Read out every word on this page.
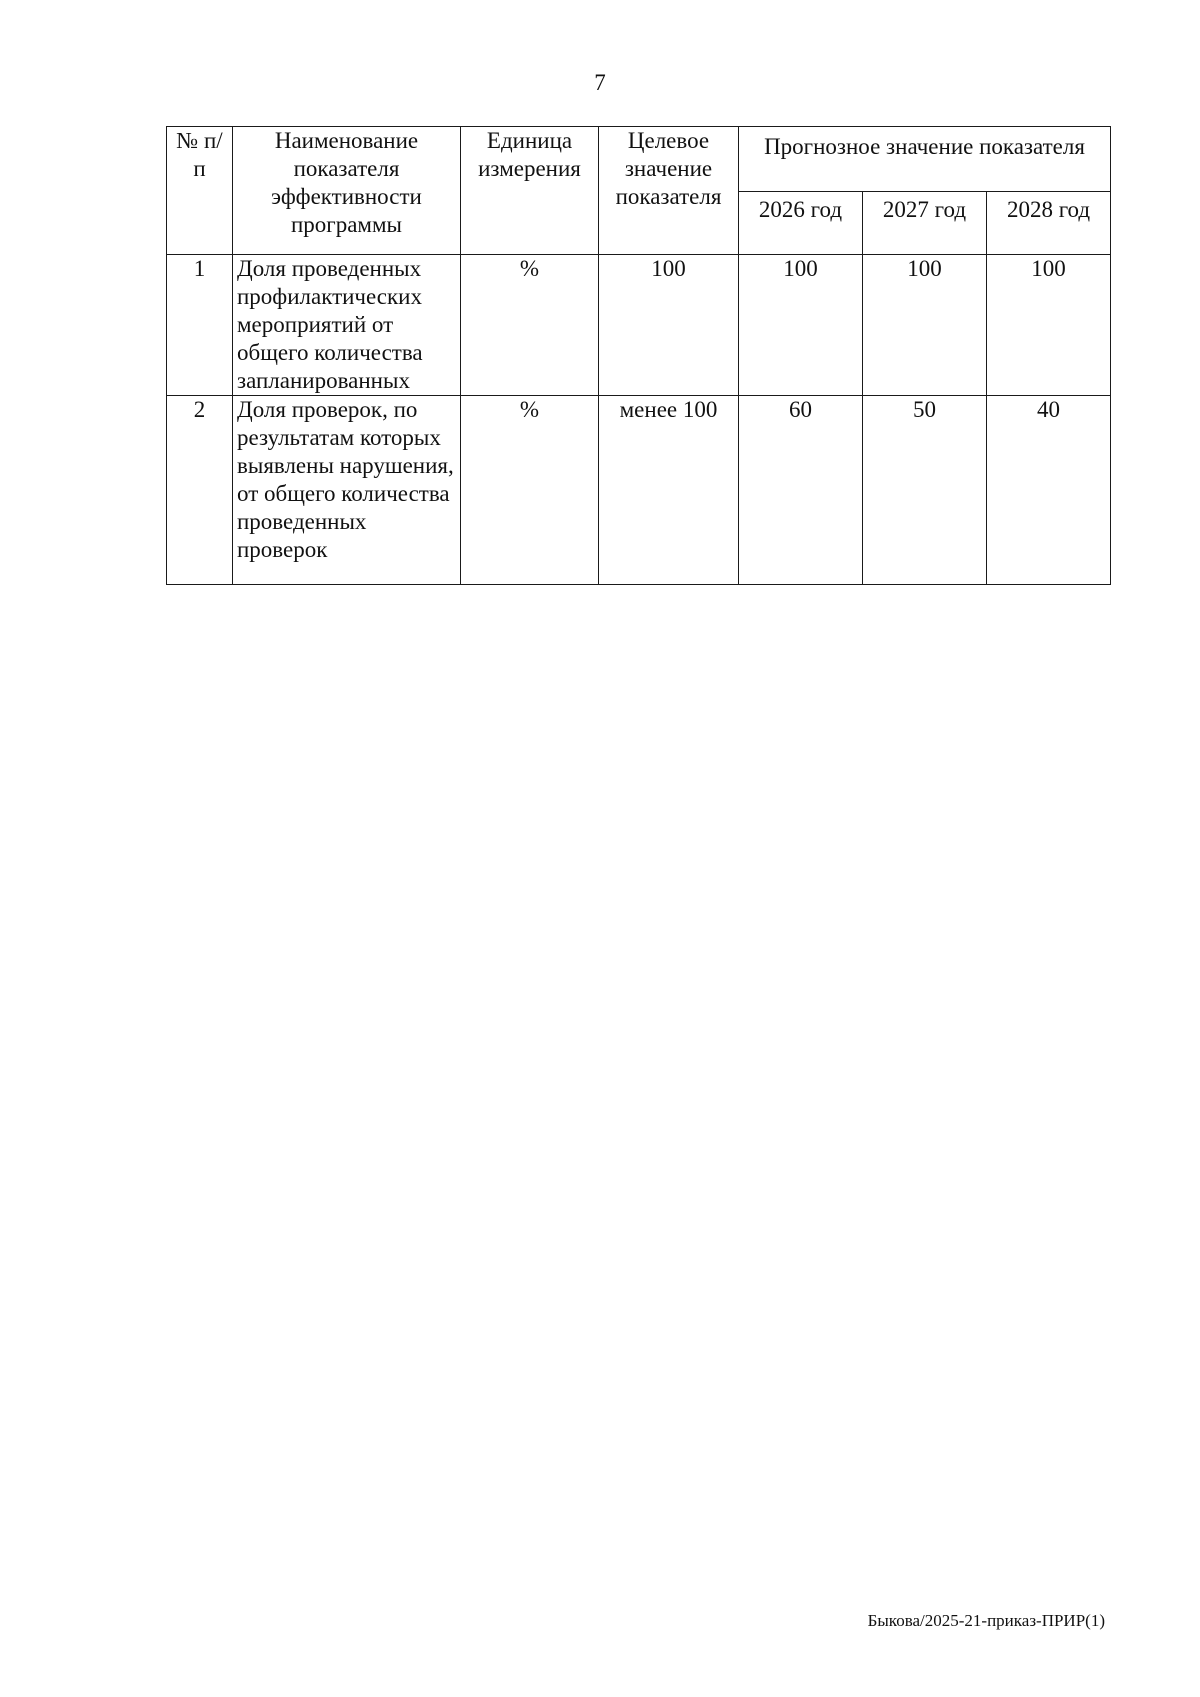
7
№ п/п	Наименование показателя эффективности программы	Единица измерения	Целевое значение показателя	Прогнозное значение показателя		
				2026 год	2027 год	2028 год
1	Доля проведенных профилактических мероприятий от общего количества запланированных	%	100	100	100	100
2	Доля проверок, по результатам которых выявлены нарушения, от общего количества проведенных проверок	%	менее 100	60	50	40
Быкова/2025-21-приказ-ПРИР(1)
